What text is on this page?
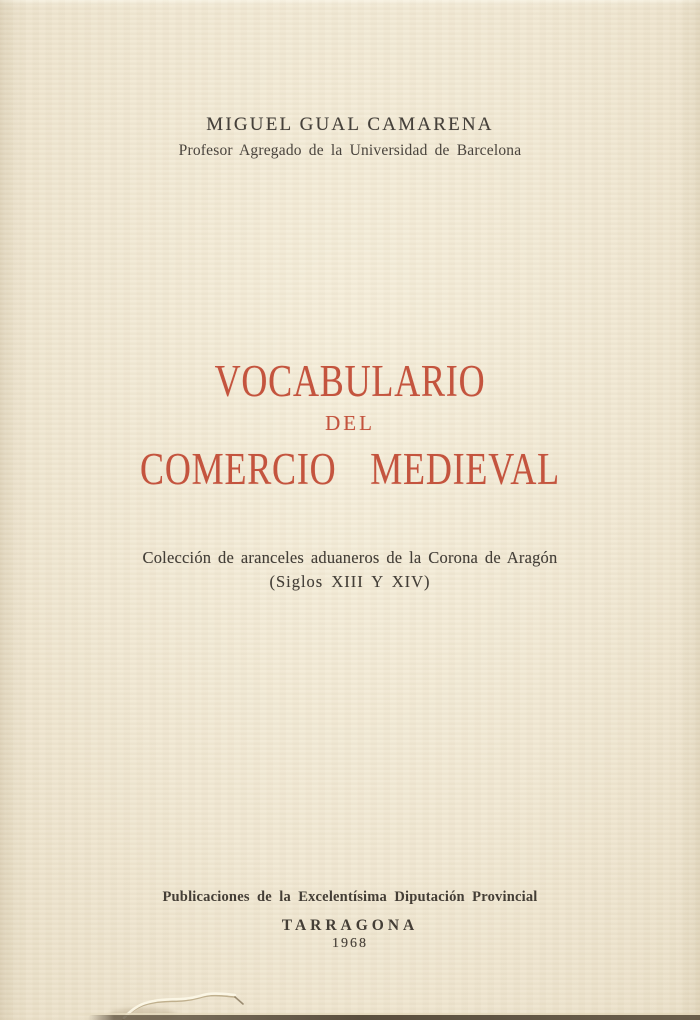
MIGUEL GUAL CAMARENA
Profesor Agregado de la Universidad de Barcelona
VOCABULARIO
DEL
COMERCIO MEDIEVAL
Colección de aranceles aduaneros de la Corona de Aragón
(Siglos XIII Y XIV)
Publicaciones de la Excelentísima Diputación Provincial
TARRAGONA
1968
